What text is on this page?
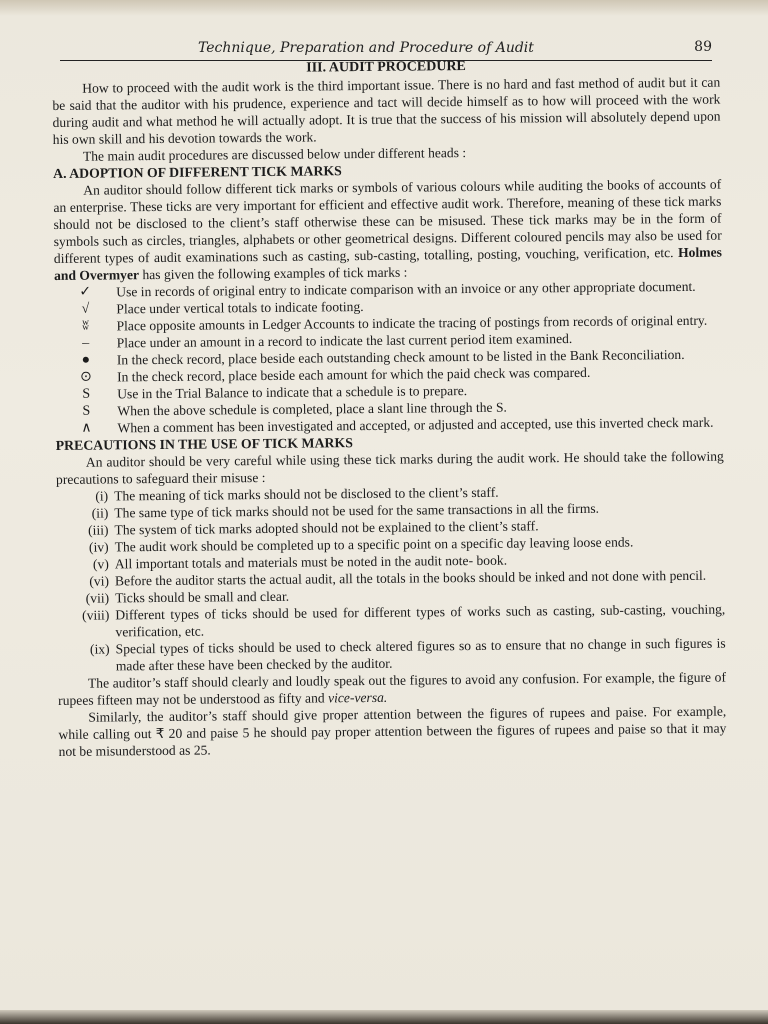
Technique, Preparation and Procedure of Audit	89
III. AUDIT PROCEDURE

How to proceed with the audit work is the third important issue. There is no hard and fast method of audit but it can be said that the auditor with his prudence, experience and tact will decide himself as to how will proceed with the work during audit and what method he will actually adopt. It is true that the success of his mission will absolutely depend upon his own skill and his devotion towards the work.

The main audit procedures are discussed below under different heads :

A. ADOPTION OF DIFFERENT TICK MARKS

An auditor should follow different tick marks or symbols of various colours while auditing the books of accounts of an enterprise. These ticks are very important for efficient and effective audit work. Therefore, meaning of these tick marks should not be disclosed to the client’s staff otherwise these can be misused. These tick marks may be in the form of symbols such as circles, triangles, alphabets or other geometrical designs. Different coloured pencils may also be used for different types of audit examinations such as casting, sub-casting, totalling, posting, vouching, verification, etc. Holmes and Overmyer has given the following examples of tick marks :

✓	Use in records of original entry to indicate comparison with an invoice or any other appropriate document.
√	Place under vertical totals to indicate footing.
ʬ	Place opposite amounts in Ledger Accounts to indicate the tracing of postings from records of original entry.
–	Place under an amount in a record to indicate the last current period item examined.
●	In the check record, place beside each outstanding check amount to be listed in the Bank Reconciliation.
⊙	In the check record, place beside each amount for which the paid check was compared.
S	Use in the Trial Balance to indicate that a schedule is to prepare.
S	When the above schedule is completed, place a slant line through the S.
∧	When a comment has been investigated and accepted, or adjusted and accepted, use this inverted check mark.
PRECAUTIONS IN THE USE OF TICK MARKS

An auditor should be very careful while using these tick marks during the audit work. He should take the following precautions to safeguard their misuse :

(i) The meaning of tick marks should not be disclosed to the client’s staff.
(ii) The same type of tick marks should not be used for the same transactions in all the firms.
(iii) The system of tick marks adopted should not be explained to the client’s staff.
(iv) The audit work should be completed up to a specific point on a specific day leaving loose ends.
(v) All important totals and materials must be noted in the audit note- book.
(vi) Before the auditor starts the actual audit, all the totals in the books should be inked and not done with pencil.
(vii) Ticks should be small and clear.
(viii) Different types of ticks should be used for different types of works such as casting, sub-casting, vouching, verification, etc.
(ix) Special types of ticks should be used to check altered figures so as to ensure that no change in such figures is made after these have been checked by the auditor.

The auditor’s staff should clearly and loudly speak out the figures to avoid any confusion. For example, the figure of rupees fifteen may not be understood as fifty and vice-versa.

Similarly, the auditor’s staff should give proper attention between the figures of rupees and paise. For example, while calling out ₹ 20 and paise 5 he should pay proper attention between the figures of rupees and paise so that it may not be misunderstood as 25.
